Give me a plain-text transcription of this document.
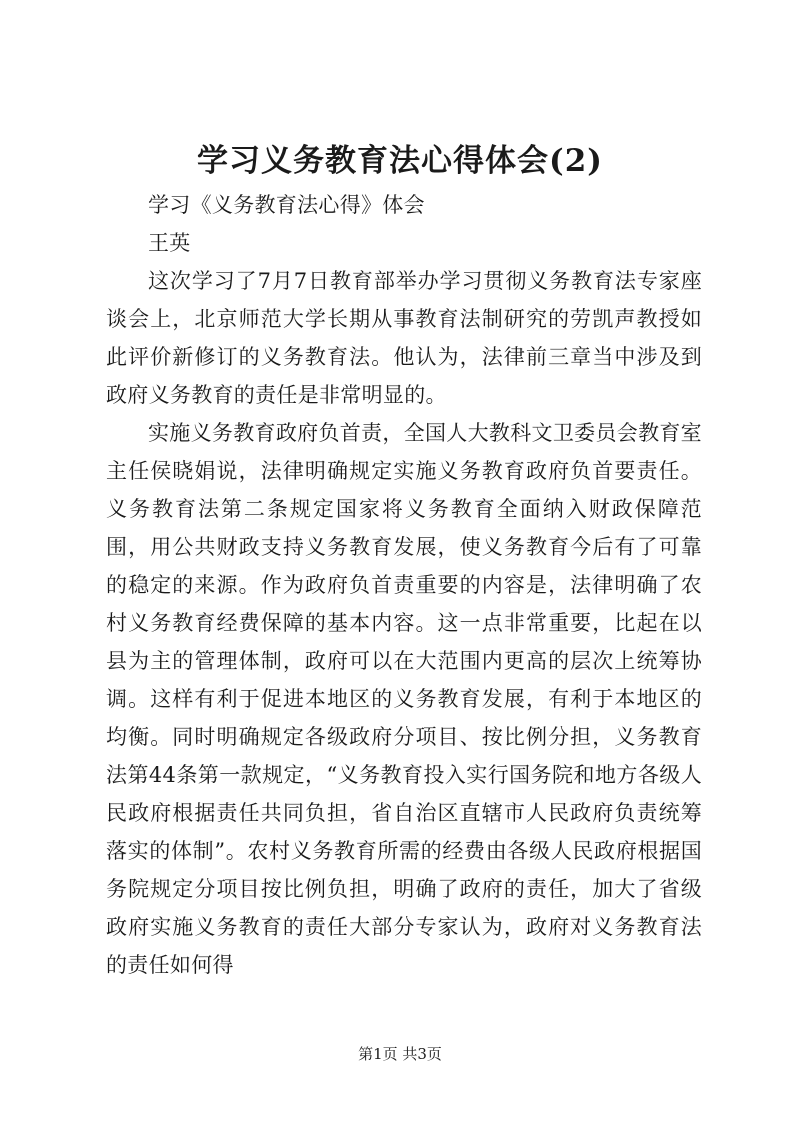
学习义务教育法心得体会(2)

学习《义务教育法心得》体会

王英

这次学习了7月7日教育部举办学习贯彻义务教育法专家座谈会上，北京师范大学长期从事教育法制研究的劳凯声教授如此评价新修订的义务教育法。他认为，法律前三章当中涉及到政府义务教育的责任是非常明显的。

实施义务教育政府负首责，全国人大教科文卫委员会教育室主任侯晓娟说，法律明确规定实施义务教育政府负首要责任。义务教育法第二条规定国家将义务教育全面纳入财政保障范围，用公共财政支持义务教育发展，使义务教育今后有了可靠的稳定的来源。作为政府负首责重要的内容是，法律明确了农村义务教育经费保障的基本内容。这一点非常重要，比起在以县为主的管理体制，政府可以在大范围内更高的层次上统筹协调。这样有利于促进本地区的义务教育发展，有利于本地区的均衡。同时明确规定各级政府分项目、按比例分担，义务教育法第44条第一款规定，“义务教育投入实行国务院和地方各级人民政府根据责任共同负担，省自治区直辖市人民政府负责统筹落实的体制”。农村义务教育所需的经费由各级人民政府根据国务院规定分项目按比例负担，明确了政府的责任，加大了省级政府实施义务教育的责任大部分专家认为，政府对义务教育法的责任如何得

第1页 共3页
